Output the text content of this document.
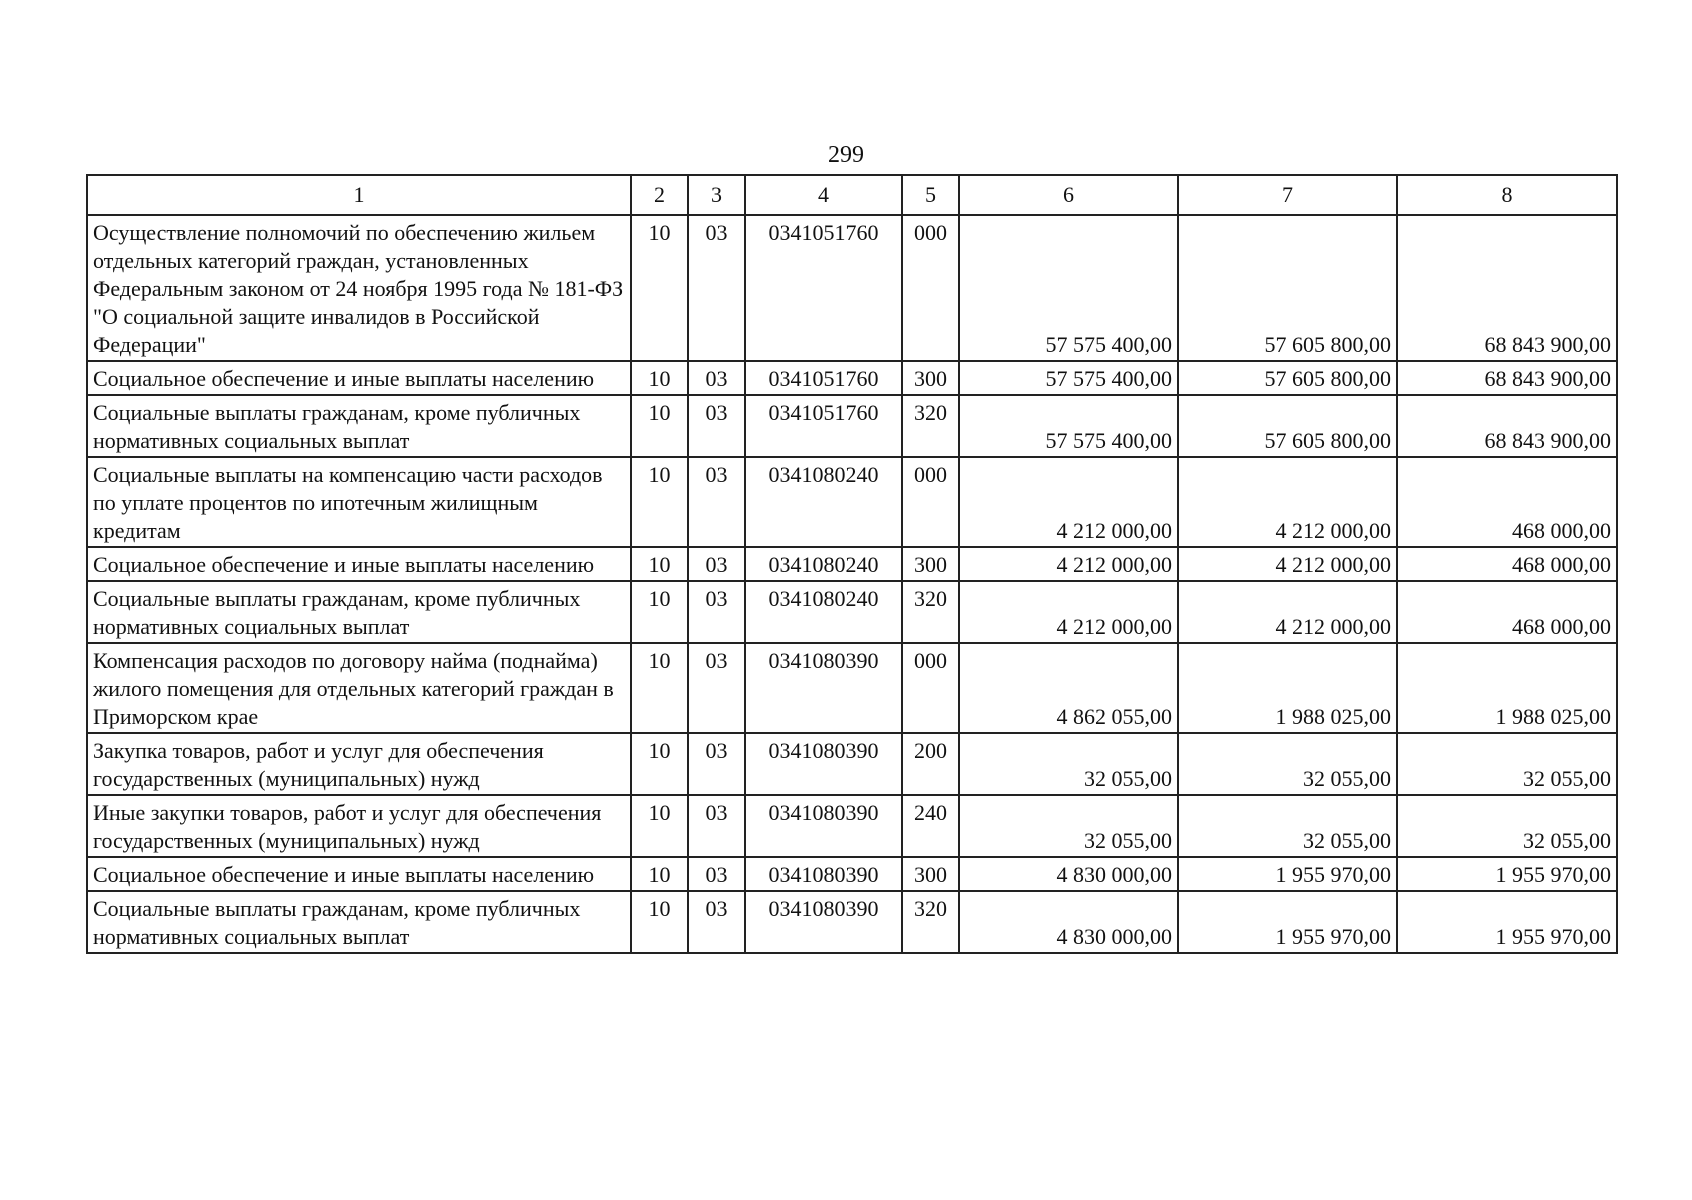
299
1	2	3	4	5	6	7	8
Осуществление полномочий по обеспечению жильем отдельных категорий граждан, установленных Федеральным законом от 24 ноября 1995 года № 181-ФЗ "О социальной защите инвалидов в Российской Федерации"	10	03	0341051760	000	57 575 400,00	57 605 800,00	68 843 900,00
Социальное обеспечение и иные выплаты населению	10	03	0341051760	300	57 575 400,00	57 605 800,00	68 843 900,00
Социальные выплаты гражданам, кроме публичных нормативных социальных выплат	10	03	0341051760	320	57 575 400,00	57 605 800,00	68 843 900,00
Социальные выплаты на компенсацию части расходов по уплате процентов по ипотечным жилищным кредитам	10	03	0341080240	000	4 212 000,00	4 212 000,00	468 000,00
Социальное обеспечение и иные выплаты населению	10	03	0341080240	300	4 212 000,00	4 212 000,00	468 000,00
Социальные выплаты гражданам, кроме публичных нормативных социальных выплат	10	03	0341080240	320	4 212 000,00	4 212 000,00	468 000,00
Компенсация расходов по договору найма (поднайма) жилого помещения для отдельных категорий граждан в Приморском крае	10	03	0341080390	000	4 862 055,00	1 988 025,00	1 988 025,00
Закупка товаров, работ и услуг для обеспечения государственных (муниципальных) нужд	10	03	0341080390	200	32 055,00	32 055,00	32 055,00
Иные закупки товаров, работ и услуг для обеспечения государственных (муниципальных) нужд	10	03	0341080390	240	32 055,00	32 055,00	32 055,00
Социальное обеспечение и иные выплаты населению	10	03	0341080390	300	4 830 000,00	1 955 970,00	1 955 970,00
Социальные выплаты гражданам, кроме публичных нормативных социальных выплат	10	03	0341080390	320	4 830 000,00	1 955 970,00	1 955 970,00
